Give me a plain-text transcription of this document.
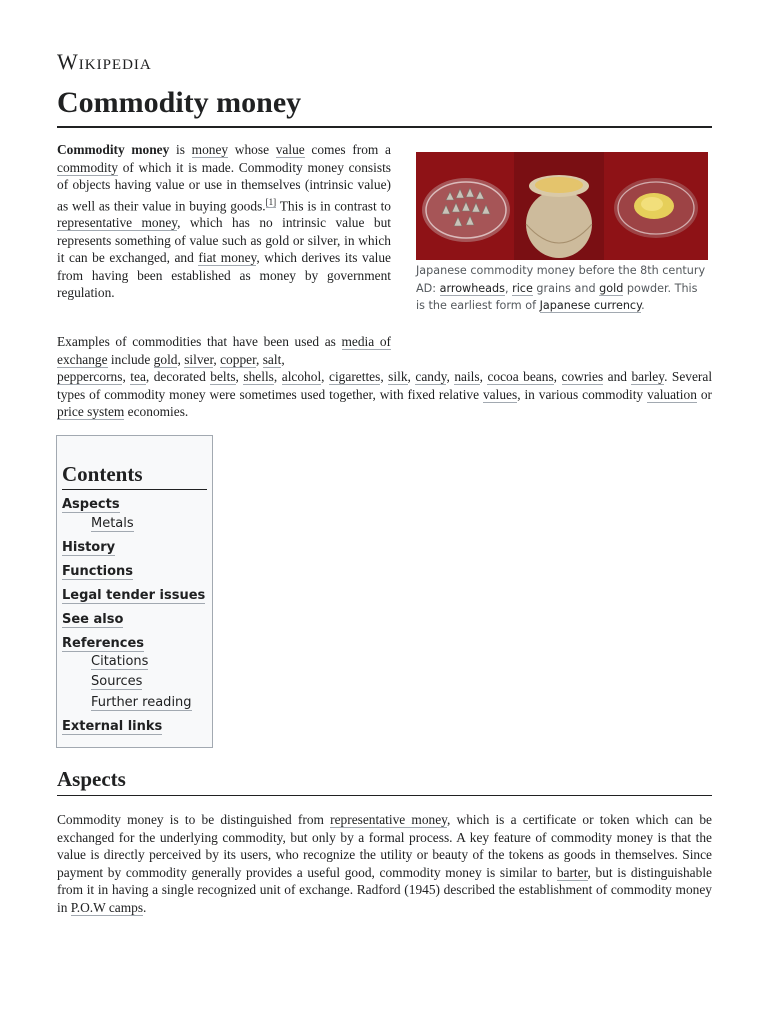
Wikipedia
Commodity money

Commodity money is money whose value comes from a commodity of which it is made. Commodity money consists of objects having value or use in themselves (intrinsic value) as well as their value in buying goods.[1] This is in contrast to representative money, which has no intrinsic value but represents something of value such as gold or silver, in which it can be exchanged, and fiat money, which derives its value from having been established as money by government regulation.

Japanese commodity money before the 8th century AD: arrowheads, rice grains and gold powder. This is the earliest form of Japanese currency.

Examples of commodities that have been used as media of exchange include gold, silver, copper, salt,

peppercorns, tea, decorated belts, shells, alcohol, cigarettes, silk, candy, nails, cocoa beans, cowries and barley. Several types of commodity money were sometimes used together, with fixed relative values, in various commodity valuation or price system economies.

Contents
Aspects
Metals
History
Functions
Legal tender issues
See also
References
Citations
Sources
Further reading
External links
Aspects

Commodity money is to be distinguished from representative money, which is a certificate or token which can be exchanged for the underlying commodity, but only by a formal process. A key feature of commodity money is that the value is directly perceived by its users, who recognize the utility or beauty of the tokens as goods in themselves. Since payment by commodity generally provides a useful good, commodity money is similar to barter, but is distinguishable from it in having a single recognized unit of exchange. Radford (1945) described the establishment of commodity money in P.O.W camps.
